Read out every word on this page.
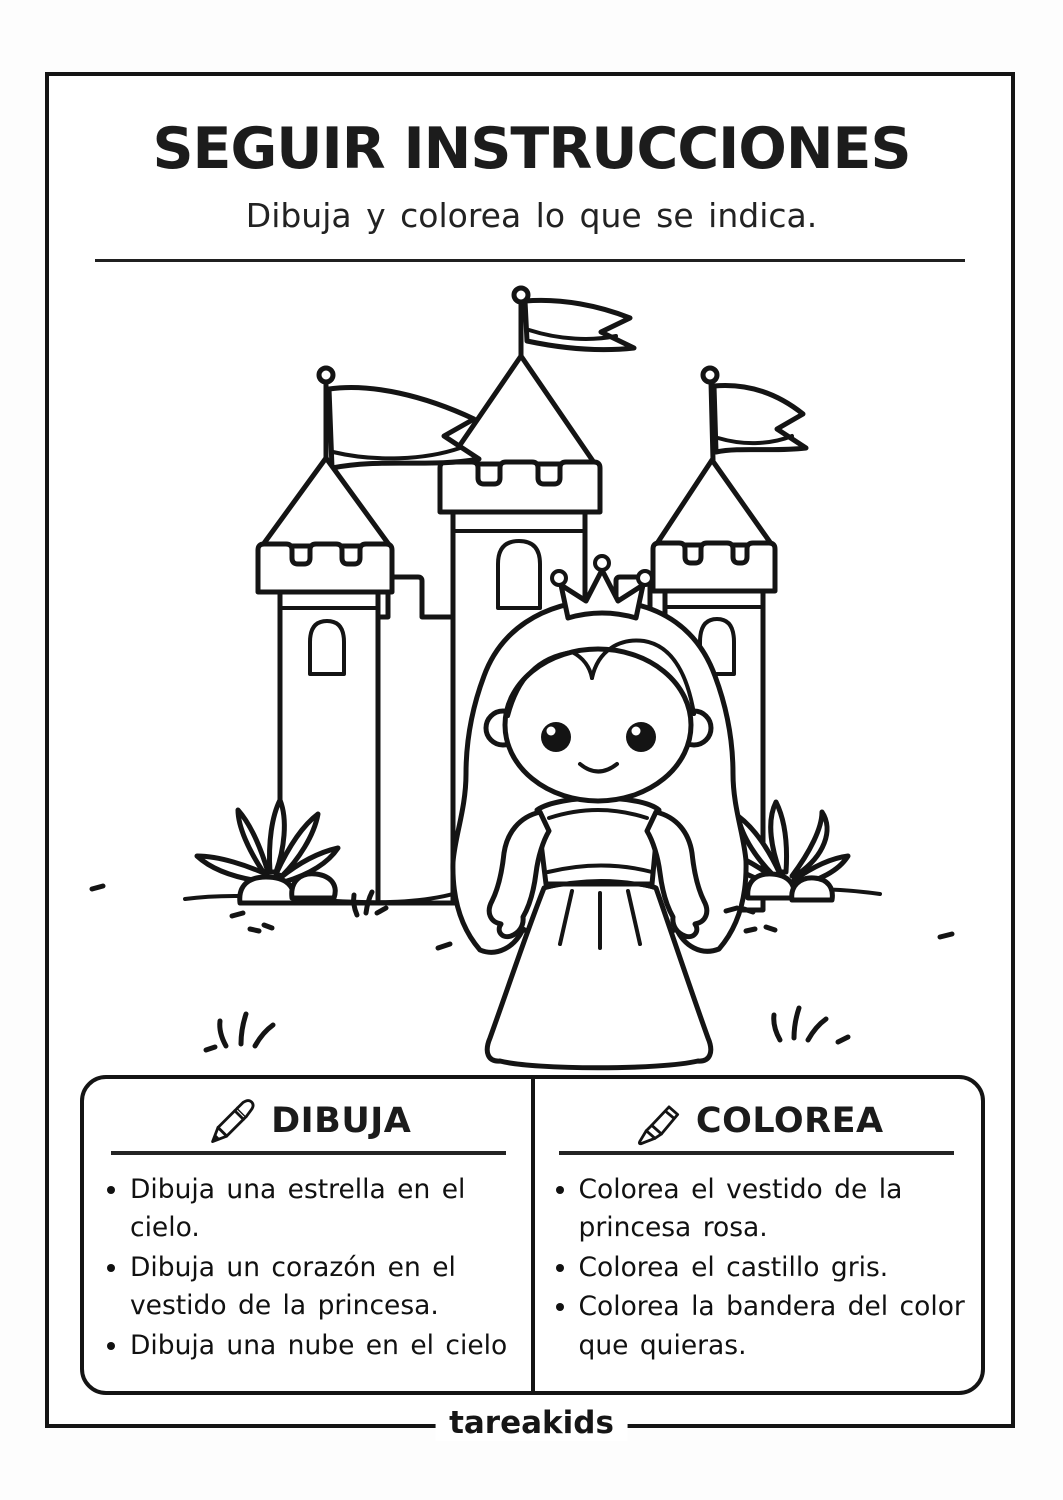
SEGUIR INSTRUCCIONES
Dibuja y colorea lo que se indica.
DIBUJA
• Dibuja una estrella en el cielo.
• Dibuja un corazón en el vestido de la princesa.
• Dibuja una nube en el cielo
COLOREA
• Colorea el vestido de la princesa rosa.
• Colorea el castillo gris.
• Colorea la bandera del color que quieras.
tareakids
